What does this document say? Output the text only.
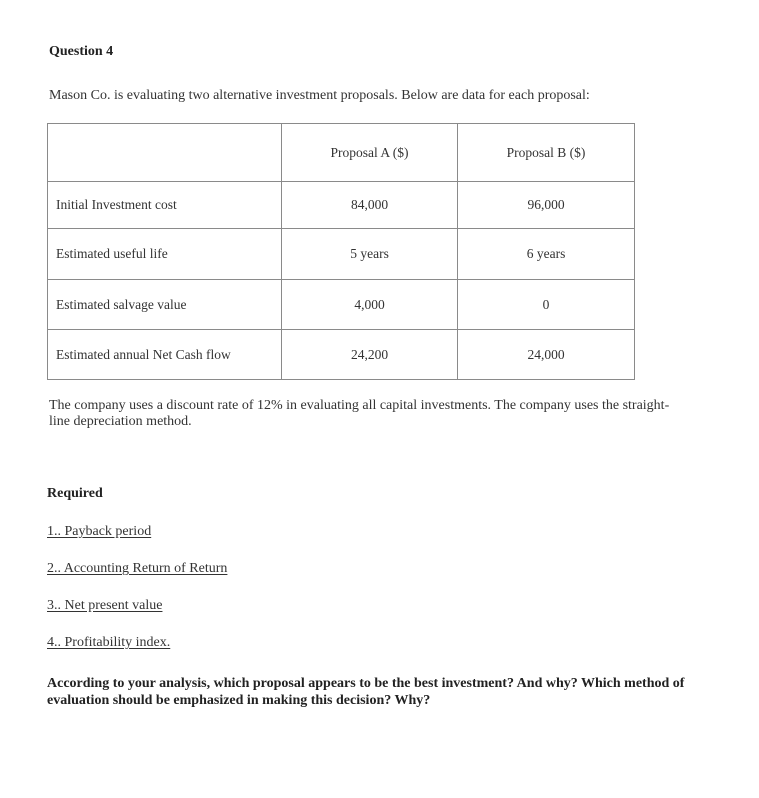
Question 4
Mason Co. is evaluating two alternative investment proposals. Below are data for each proposal:
	Proposal A ($)	Proposal B ($)
Initial Investment cost	84,000	96,000
Estimated useful life	5 years	6 years
Estimated salvage value	4,000	0
Estimated annual Net Cash flow	24,200	24,000
The company uses a discount rate of 12% in evaluating all capital investments. The company uses the straight-line depreciation method.
Required
1.. Payback period
2.. Accounting Return of Return
3.. Net present value
4.. Profitability index.
According to your analysis, which proposal appears to be the best investment? And why? Which method of evaluation should be emphasized in making this decision? Why?
